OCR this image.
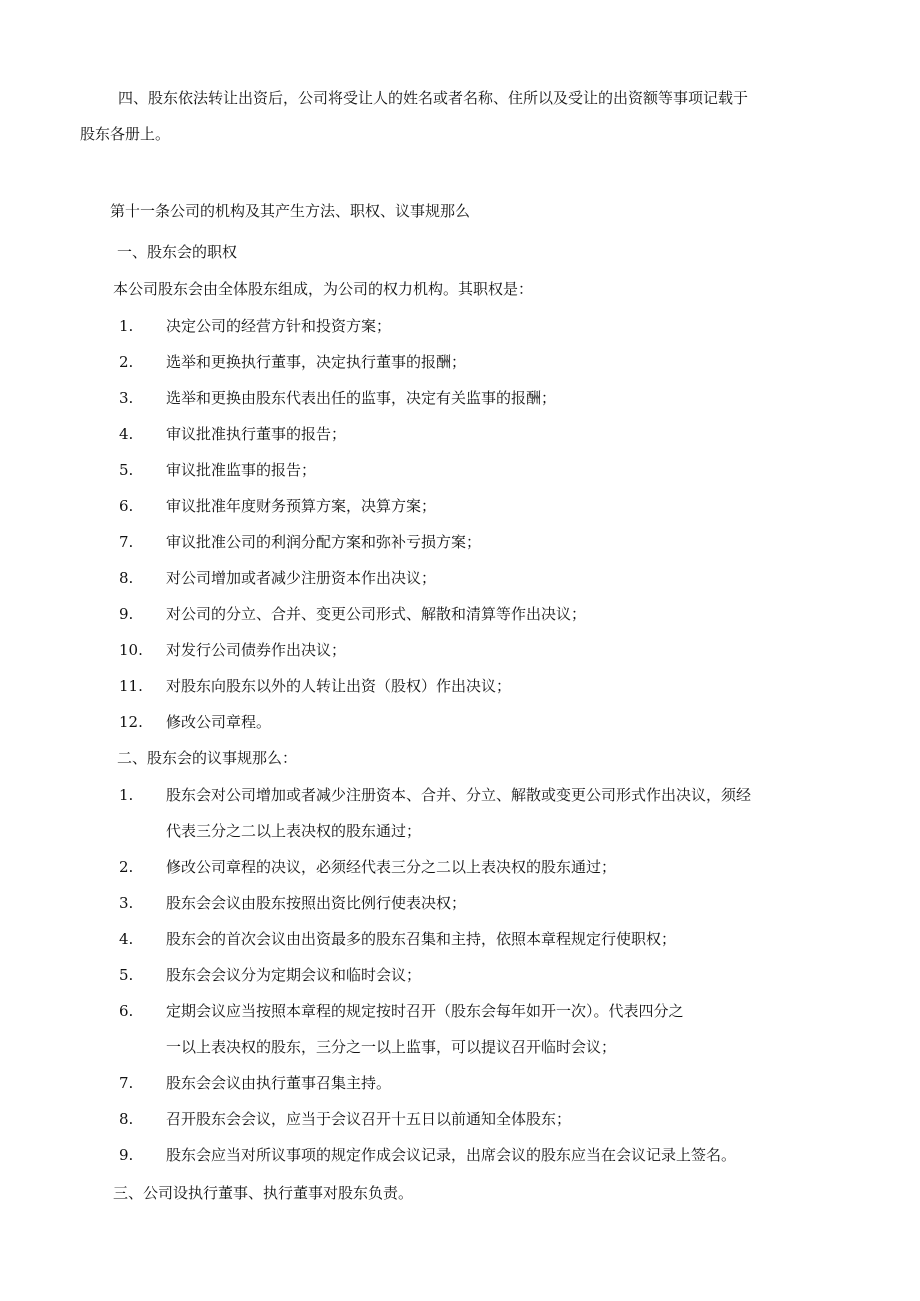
四、股东依法转让出资后，公司将受让人的姓名或者名称、住所以及受让的出资额等事项记载于
股东各册上。
第十一条公司的机构及其产生方法、职权、议事规那么
一、股东会的职权
本公司股东会由全体股东组成，为公司的权力机构。其职权是：
1. 决定公司的经营方针和投资方案；
2. 选举和更换执行董事，决定执行董事的报酬；
3. 选举和更换由股东代表出任的监事，决定有关监事的报酬；
4. 审议批准执行董事的报告；
5. 审议批准监事的报告；
6. 审议批准年度财务预算方案，决算方案；
7. 审议批准公司的利润分配方案和弥补亏损方案；
8. 对公司增加或者减少注册资本作出决议；
9. 对公司的分立、合并、变更公司形式、解散和清算等作出决议；
10. 对发行公司债券作出决议；
11. 对股东向股东以外的人转让出资（股权）作出决议；
12. 修改公司章程。
二、股东会的议事规那么：
1. 股东会对公司增加或者减少注册资本、合并、分立、解散或变更公司形式作出决议，须经
代表三分之二以上表决权的股东通过；
2. 修改公司章程的决议，必须经代表三分之二以上表决权的股东通过；
3. 股东会会议由股东按照出资比例行使表决权；
4. 股东会的首次会议由出资最多的股东召集和主持，依照本章程规定行使职权；
5. 股东会会议分为定期会议和临时会议；
6. 定期会议应当按照本章程的规定按时召开（股东会每年如开一次）。代表四分之
一以上表决权的股东，三分之一以上监事，可以提议召开临时会议；
7. 股东会会议由执行董事召集主持。
8. 召开股东会会议，应当于会议召开十五日以前通知全体股东；
9. 股东会应当对所议事项的规定作成会议记录，出席会议的股东应当在会议记录上签名。
三、公司设执行董事、执行董事对股东负责。
